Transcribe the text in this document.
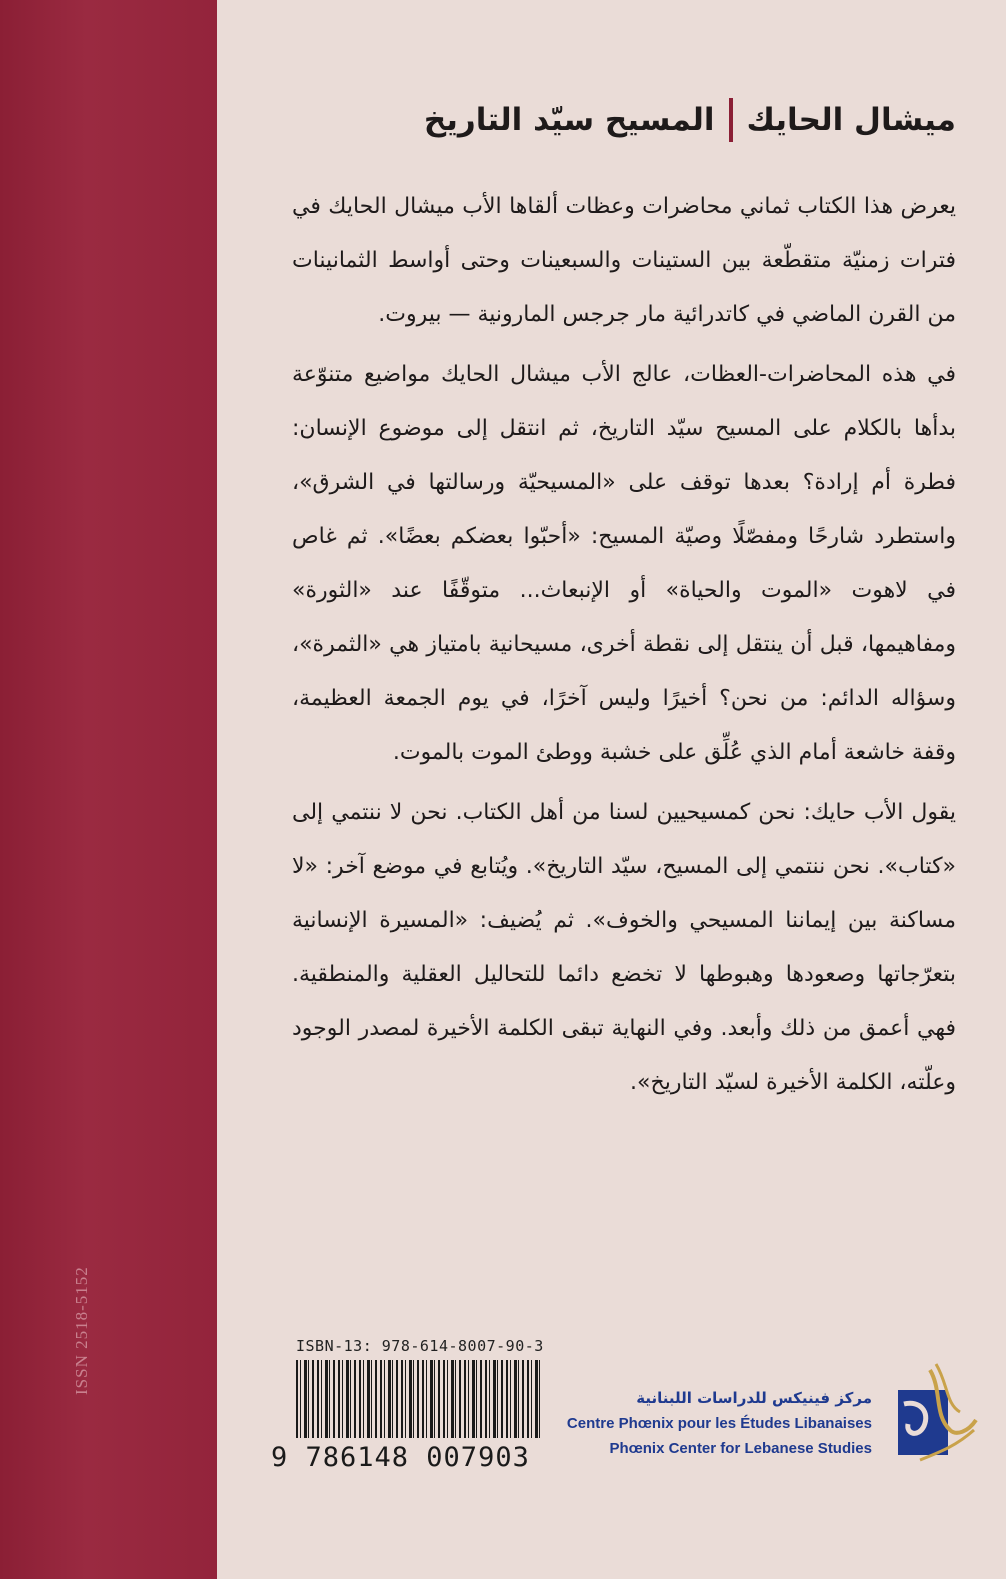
ISSN 2518-5152
المسيح سيّد التاريخ ميشال الحايك

يعرض هذا الكتاب ثماني محاضرات وعظات ألقاها الأب ميشال الحايك في فترات زمنيّة متقطّعة بين الستينات والسبعينات وحتى أواسط الثمانينات من القرن الماضي في كاتدرائية مار جرجس المارونية — بيروت.

في هذه المحاضرات-العظات، عالج الأب ميشال الحايك مواضيع متنوّعة بدأها بالكلام على المسيح سيّد التاريخ، ثم انتقل إلى موضوع الإنسان: فطرة أم إرادة؟ بعدها توقف على «المسيحيّة ورسالتها في الشرق»، واستطرد شارحًا ومفصّلًا وصيّة المسيح: «أحبّوا بعضكم بعضًا». ثم غاص في لاهوت «الموت والحياة» أو الإنبعاث... متوقّفًا عند «الثورة» ومفاهيمها، قبل أن ينتقل إلى نقطة أخرى، مسيحانية بامتياز هي «الثمرة»، وسؤاله الدائم: من نحن؟ أخيرًا وليس آخرًا، في يوم الجمعة العظيمة، وقفة خاشعة أمام الذي عُلِّق على خشبة ووطئ الموت بالموت.

يقول الأب حايك: نحن كمسيحيين لسنا من أهل الكتاب. نحن لا ننتمي إلى «كتاب». نحن ننتمي إلى المسيح، سيّد التاريخ». ويُتابع في موضع آخر: «لا مساكنة بين إيماننا المسيحي والخوف». ثم يُضيف: «المسيرة الإنسانية بتعرّجاتها وصعودها وهبوطها لا تخضع دائما للتحاليل العقلية والمنطقية. فهي أعمق من ذلك وأبعد. وفي النهاية تبقى الكلمة الأخيرة لمصدر الوجود وعلّته، الكلمة الأخيرة لسيّد التاريخ».

ISBN-13: 978-614-8007-90-3
9 786148 007903
مركز فينيكس للدراسات اللبنانية
Centre Phœnix pour les Études Libanaises
Phœnix Center for Lebanese Studies
